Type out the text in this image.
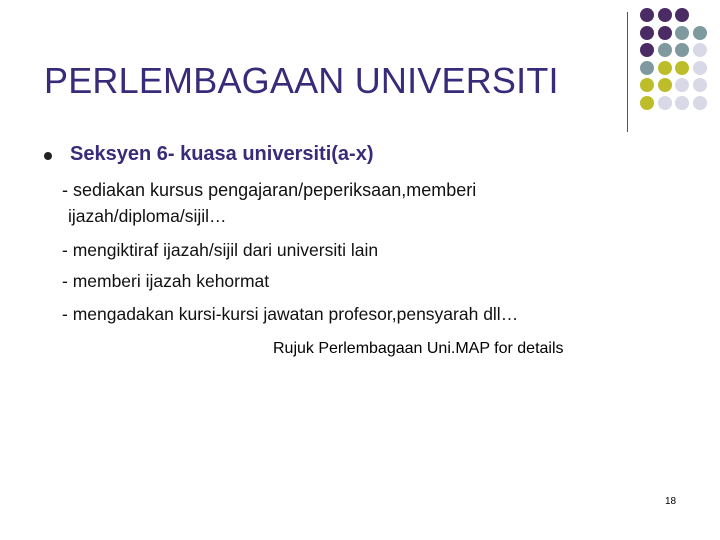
PERLEMBAGAAN UNIVERSITI
Seksyen 6- kuasa universiti(a-x)
- sediakan kursus pengajaran/peperiksaan,memberi
ijazah/diploma/sijil…
- mengiktiraf ijazah/sijil dari universiti lain
- memberi ijazah kehormat
- mengadakan kursi-kursi jawatan profesor,pensyarah dll…
Rujuk Perlembagaan Uni.MAP for details
18
